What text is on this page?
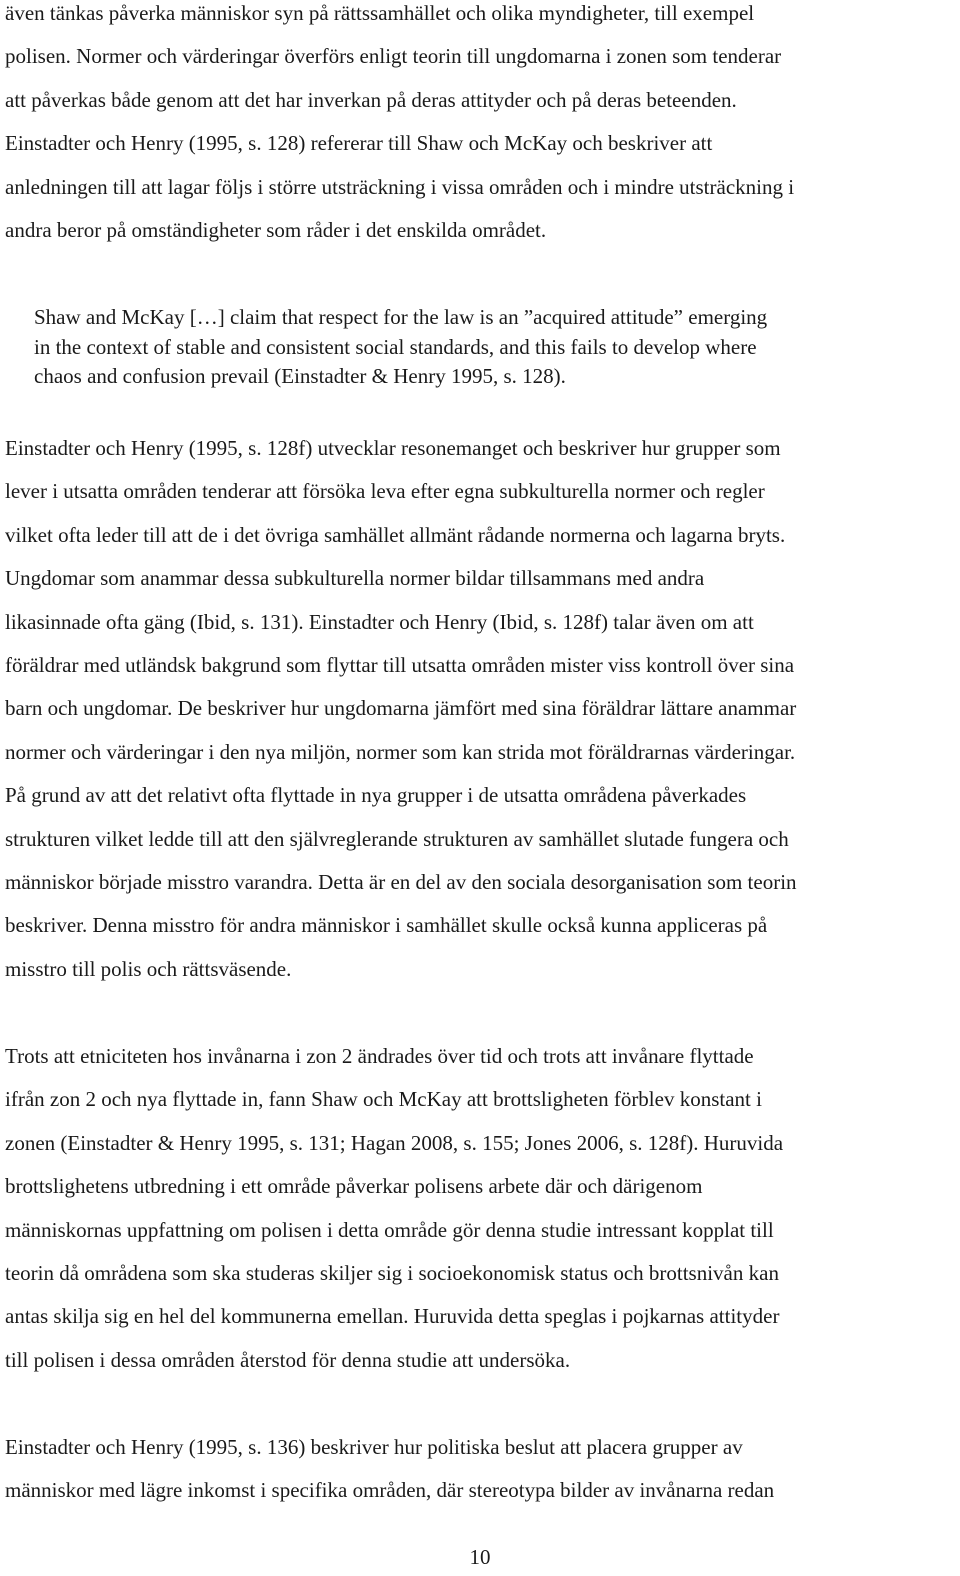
även tänkas påverka människor syn på rättssamhället och olika myndigheter, till exempel
polisen. Normer och värderingar överförs enligt teorin till ungdomarna i zonen som tenderar
att påverkas både genom att det har inverkan på deras attityder och på deras beteenden.
Einstadter och Henry (1995, s. 128) refererar till Shaw och McKay och beskriver att
anledningen till att lagar följs i större utsträckning i vissa områden och i mindre utsträckning i
andra beror på omständigheter som råder i det enskilda området.
Shaw and McKay […] claim that respect for the law is an ”acquired attitude” emerging
in the context of stable and consistent social standards, and this fails to develop where
chaos and confusion prevail (Einstadter & Henry 1995, s. 128).
Einstadter och Henry (1995, s. 128f) utvecklar resonemanget och beskriver hur grupper som
lever i utsatta områden tenderar att försöka leva efter egna subkulturella normer och regler
vilket ofta leder till att de i det övriga samhället allmänt rådande normerna och lagarna bryts.
Ungdomar som anammar dessa subkulturella normer bildar tillsammans med andra
likasinnade ofta gäng (Ibid, s. 131). Einstadter och Henry (Ibid, s. 128f) talar även om att
föräldrar med utländsk bakgrund som flyttar till utsatta områden mister viss kontroll över sina
barn och ungdomar. De beskriver hur ungdomarna jämfört med sina föräldrar lättare anammar
normer och värderingar i den nya miljön, normer som kan strida mot föräldrarnas värderingar.
På grund av att det relativt ofta flyttade in nya grupper i de utsatta områdena påverkades
strukturen vilket ledde till att den självreglerande strukturen av samhället slutade fungera och
människor började misstro varandra. Detta är en del av den sociala desorganisation som teorin
beskriver. Denna misstro för andra människor i samhället skulle också kunna appliceras på
misstro till polis och rättsväsende.
Trots att etniciteten hos invånarna i zon 2 ändrades över tid och trots att invånare flyttade
ifrån zon 2 och nya flyttade in, fann Shaw och McKay att brottsligheten förblev konstant i
zonen (Einstadter & Henry 1995, s. 131; Hagan 2008, s. 155; Jones 2006, s. 128f). Huruvida
brottslighetens utbredning i ett område påverkar polisens arbete där och därigenom
människornas uppfattning om polisen i detta område gör denna studie intressant kopplat till
teorin då områdena som ska studeras skiljer sig i socioekonomisk status och brottsnivån kan
antas skilja sig en hel del kommunerna emellan. Huruvida detta speglas i pojkarnas attityder
till polisen i dessa områden återstod för denna studie att undersöka.
Einstadter och Henry (1995, s. 136) beskriver hur politiska beslut att placera grupper av
människor med lägre inkomst i specifika områden, där stereotypa bilder av invånarna redan
10
